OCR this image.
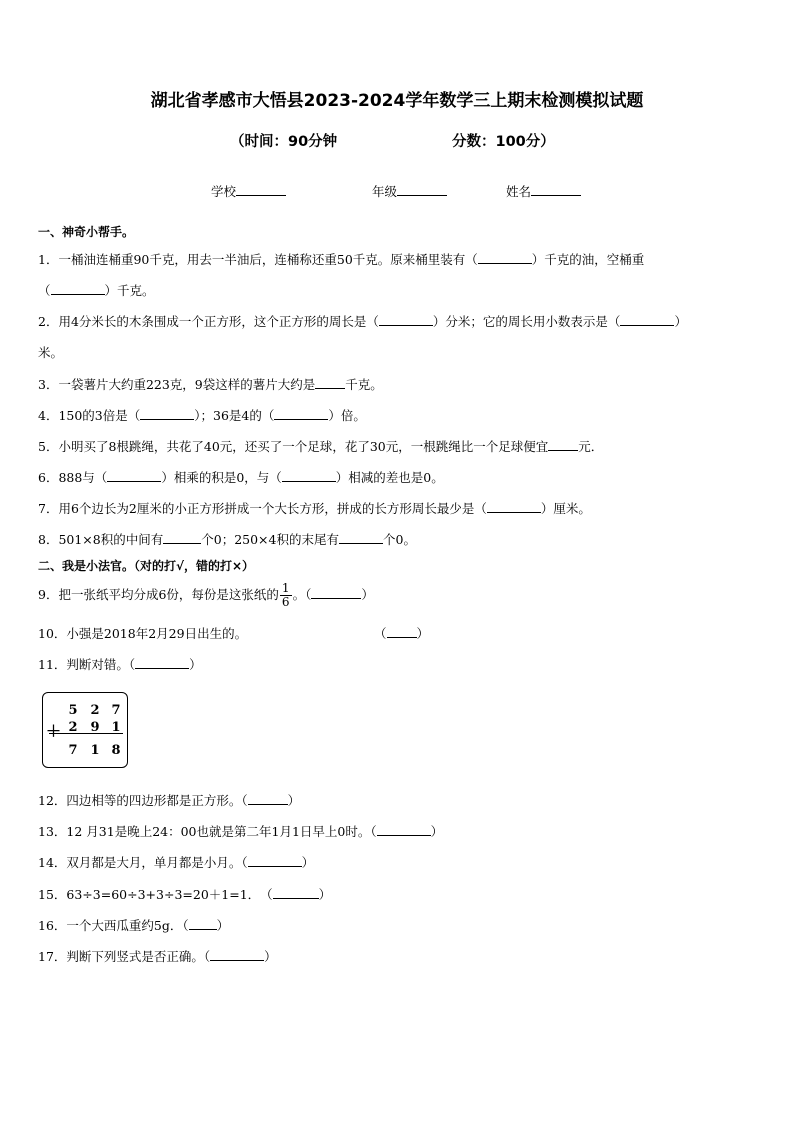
湖北省孝感市大悟县2023-2024学年数学三上期末检测模拟试题
（时间：90分钟	分数：100分）
学校	年级	姓名
一、神奇小帮手。
1．一桶油连桶重90千克，用去一半油后，连桶称还重50千克。原来桶里装有（	）千克的油，空桶重
（	）千克。
2．用4分米长的木条围成一个正方形，这个正方形的周长是（	）分米；它的周长用小数表示是（	）
米。
3．一袋薯片大约重223克，9袋这样的薯片大约是 千克。
4．150的3倍是（	）；36是4的（	）倍。
5．小明买了8根跳绳，共花了40元，还买了一个足球，花了30元，一根跳绳比一个足球便宜 元．
6．888与（	）相乘的积是0，与（	）相减的差也是0。
7．用6个边长为2厘米的小正方形拼成一个大长方形，拼成的长方形周长最少是（	）厘米。
8．501×8积的中间有	个0；250×4积的末尾有	个0。
二、我是小法官。（对的打√，错的打×）
9．把一张纸平均分成6份，每份是这张纸的 $\frac{1}{6}$ 。（	）
10．小强是2018年2月29日出生的。	（ ）
11．判断对错。（	）
5 2 7
＋ 2 9 1
7 1 8
12．四边相等的四边形都是正方形。（	）
13．12 月31是晚上24：00也就是第二年1月1日早上0时。（	）
14．双月都是大月，单月都是小月。（	）
15．63÷3=60÷3+3÷3=20＋1=1．　（	）
16．一个大西瓜重约5g．（ ）
17．判断下列竖式是否正确。（	）
